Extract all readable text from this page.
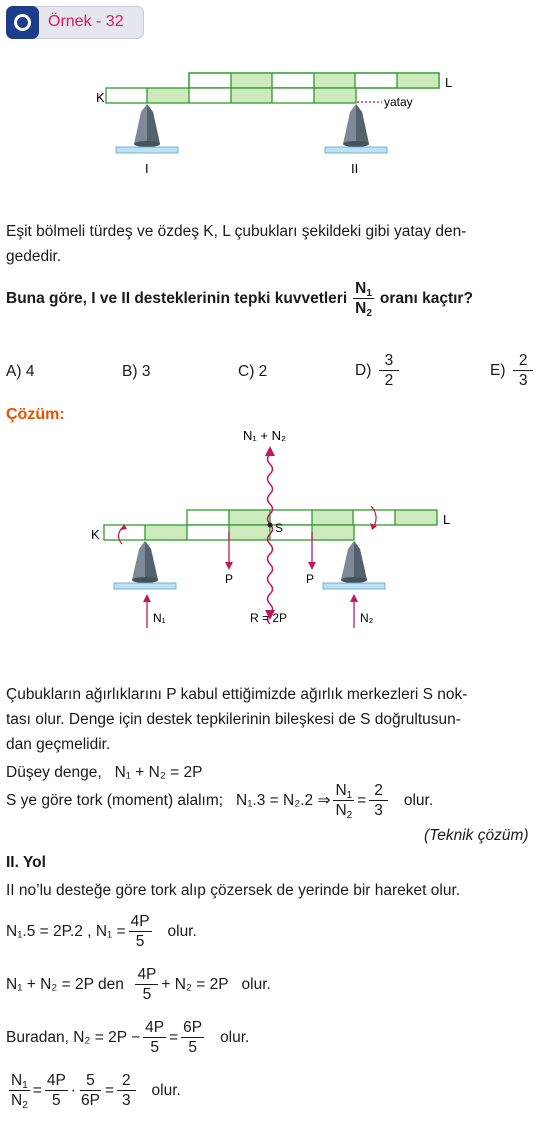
Örnek - 32
K
L
yatay
I	II
Eşit bölmeli türdeş ve özdeş K, L çubukları şekildeki gibi yatay den-
gededir.
Buna göre, I ve II desteklerinin tepki kuvvetleri $\frac{N_1}{N_2}$ oranı kaçtır?
A) 4	B) 3	C) 2	D)
$\frac{3}{2}$	E)
$\frac{2}{3}$
Çözüm:
N₁ + N₂
K
L
S
P	P
N₁	N₂
R = 2P
Çubukların ağırlıklarını P kabul ettiğimizde ağırlık merkezleri S nok-
tası olur. Denge için destek tepkilerinin bileşkesi de S doğrultusun-
dan geçmelidir.
Düşey denge, N₁ + N₂ = 2P
S ye göre tork (moment) alalım;
N₁.3 = N₂.2 ⇒ $\frac{N_1}{N_2} = \frac{2}{3}$
olur.
(Teknik çözüm)
II. Yol
II no’lu desteğe göre tork alıp çözersek de yerinde bir hareket olur.
N₁.5 = 2P.2 , $N_1 = \frac{4P}{5}$
olur.
N₁ + N₂ = 2P den
$\frac{4P}{5} + N_2 = 2P$
olur.
Buradan, $N_2 = 2P - \frac{4P}{5} = \frac{6P}{5}$
olur.
$\frac{N_1}{N_2} = \frac{4P}{5} \cdot \frac{5}{6P} = \frac{2}{3}$
olur.
